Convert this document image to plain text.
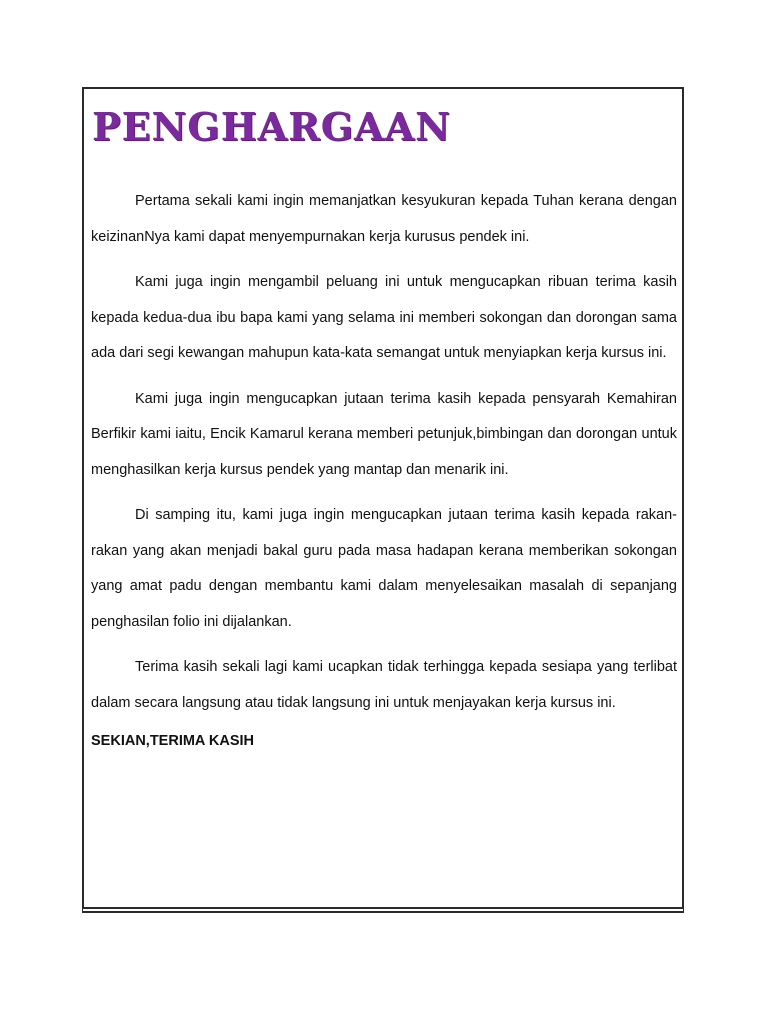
PENGHARGAAN

Pertama sekali kami ingin memanjatkan kesyukuran kepada Tuhan kerana dengan keizinanNya kami dapat menyempurnakan kerja kurusus pendek ini.

Kami juga ingin mengambil peluang ini untuk mengucapkan ribuan terima kasih kepada kedua-dua ibu bapa kami yang selama ini memberi sokongan dan dorongan sama ada dari segi kewangan mahupun kata-kata semangat untuk menyiapkan kerja kursus ini.

Kami juga ingin mengucapkan jutaan terima kasih kepada pensyarah Kemahiran Berfikir kami iaitu, Encik Kamarul kerana memberi petunjuk,bimbingan dan dorongan untuk menghasilkan kerja kursus pendek yang mantap dan menarik ini.

Di samping itu, kami juga ingin mengucapkan jutaan terima kasih kepada rakan-rakan yang akan menjadi bakal guru pada masa hadapan kerana memberikan sokongan yang amat padu dengan membantu kami dalam menyelesaikan masalah di sepanjang penghasilan folio ini dijalankan.

Terima kasih sekali lagi kami ucapkan tidak terhingga kepada sesiapa yang terlibat dalam secara langsung atau tidak langsung ini untuk menjayakan kerja kursus ini.

SEKIAN,TERIMA KASIH
